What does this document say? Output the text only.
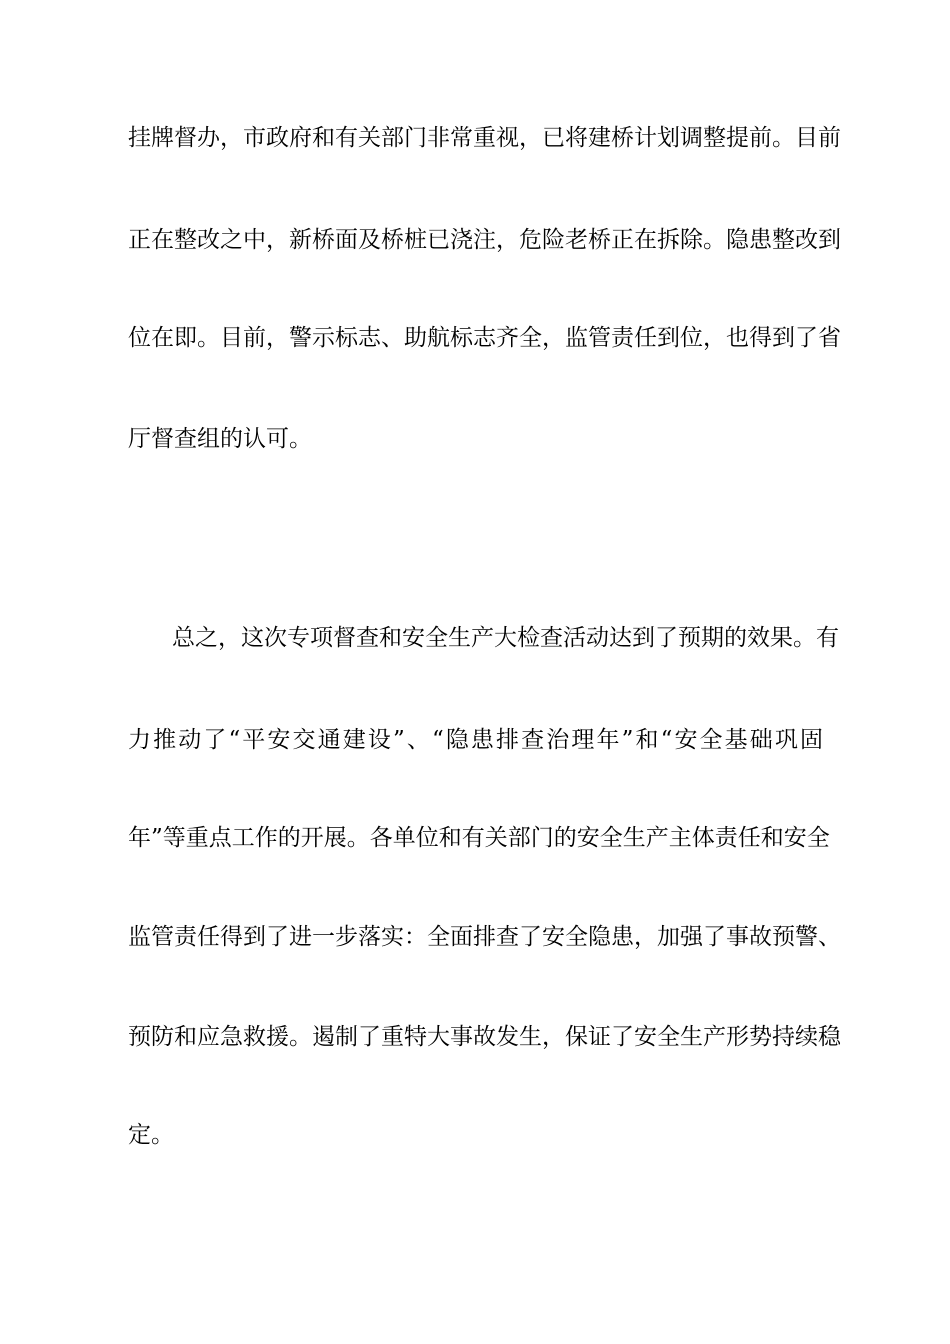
挂牌督办，市政府和有关部门非常重视，已将建桥计划调整提前。目前
正在整改之中，新桥面及桥桩已浇注，危险老桥正在拆除。隐患整改到
位在即。目前，警示标志、助航标志齐全，监管责任到位，也得到了省
厅督查组的认可。
总之，这次专项督查和安全生产大检查活动达到了预期的效果。有
力推动了“平安交通建设”、“隐患排查治理年”和“安全基础巩固
年”等重点工作的开展。各单位和有关部门的安全生产主体责任和安全
监管责任得到了进一步落实：全面排查了安全隐患，加强了事故预警、
预防和应急救援。遏制了重特大事故发生，保证了安全生产形势持续稳
定。
